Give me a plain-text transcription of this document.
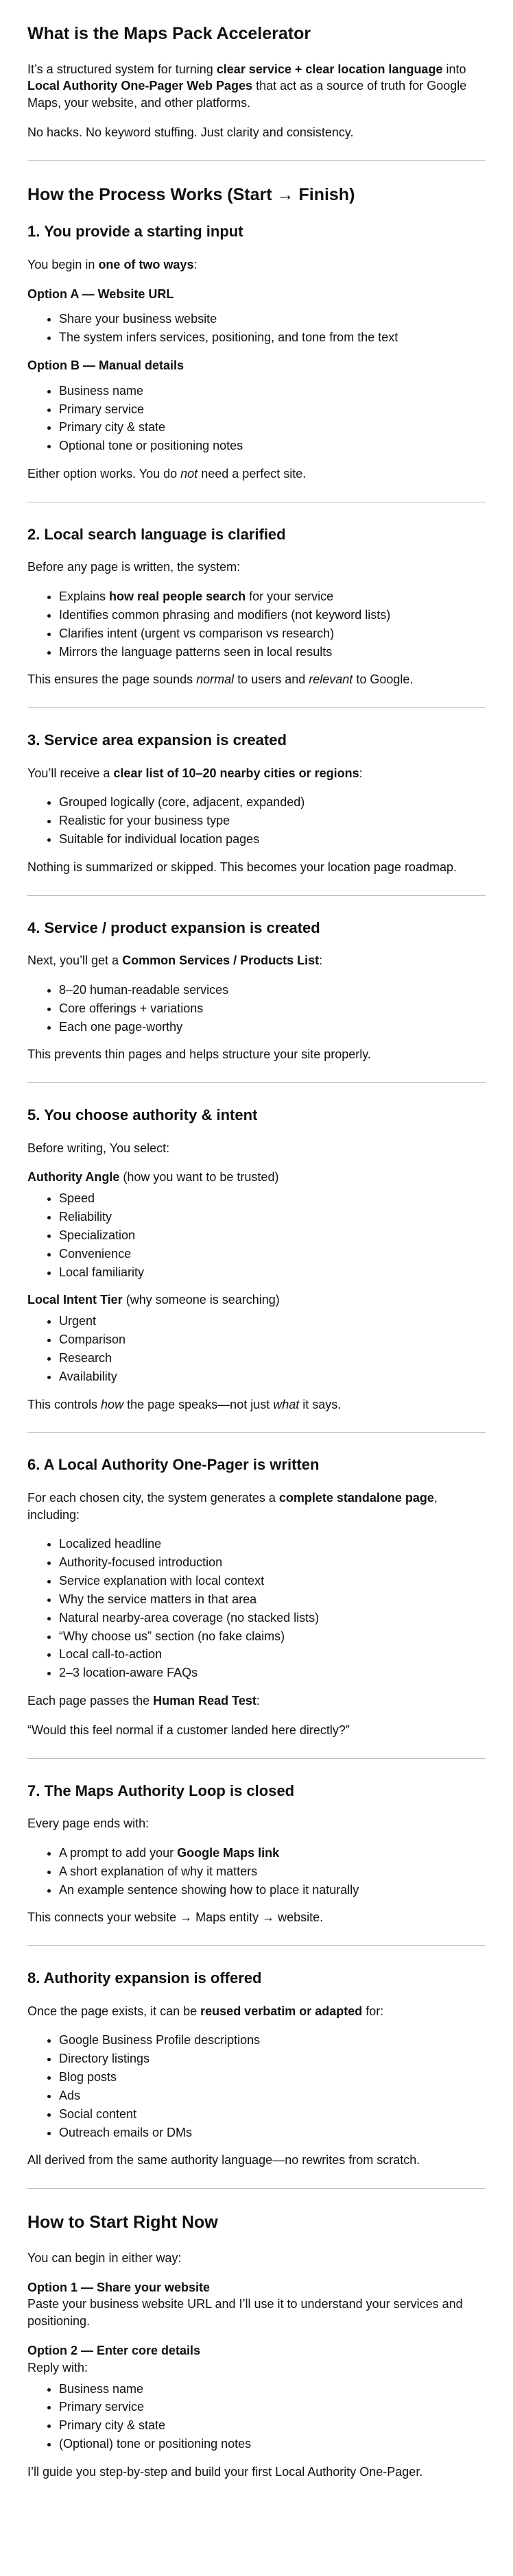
What is the Maps Pack Accelerator

It’s a structured system for turning clear service + clear location language into Local Authority One-Pager Web Pages that act as a source of truth for Google Maps, your website, and other platforms.

No hacks. No keyword stuffing. Just clarity and consistency.

How the Process Works (Start → Finish)
1. You provide a starting input

You begin in one of two ways:

Option A — Website URL

• Share your business website
• The system infers services, positioning, and tone from the text

Option B — Manual details

• Business name
• Primary service
• Primary city & state
• Optional tone or positioning notes

Either option works. You do not need a perfect site.

2. Local search language is clarified

Before any page is written, the system:

• Explains how real people search for your service
• Identifies common phrasing and modifiers (not keyword lists)
• Clarifies intent (urgent vs comparison vs research)
• Mirrors the language patterns seen in local results

This ensures the page sounds normal to users and relevant to Google.

3. Service area expansion is created

You’ll receive a clear list of 10–20 nearby cities or regions:

• Grouped logically (core, adjacent, expanded)
• Realistic for your business type
• Suitable for individual location pages

Nothing is summarized or skipped. This becomes your location page roadmap.

4. Service / product expansion is created

Next, you’ll get a Common Services / Products List:

• 8–20 human-readable services
• Core offerings + variations
• Each one page-worthy

This prevents thin pages and helps structure your site properly.

5. You choose authority & intent

Before writing, You select:

Authority Angle (how you want to be trusted)

• Speed
• Reliability
• Specialization
• Convenience
• Local familiarity

Local Intent Tier (why someone is searching)

• Urgent
• Comparison
• Research
• Availability

This controls how the page speaks—not just what it says.

6. A Local Authority One-Pager is written

For each chosen city, the system generates a complete standalone page, including:

• Localized headline
• Authority-focused introduction
• Service explanation with local context
• Why the service matters in that area
• Natural nearby-area coverage (no stacked lists)
• “Why choose us” section (no fake claims)
• Local call-to-action
• 2–3 location-aware FAQs

Each page passes the Human Read Test:

“Would this feel normal if a customer landed here directly?”

7. The Maps Authority Loop is closed

Every page ends with:

• A prompt to add your Google Maps link
• A short explanation of why it matters
• An example sentence showing how to place it naturally

This connects your website → Maps entity → website.

8. Authority expansion is offered

Once the page exists, it can be reused verbatim or adapted for:

• Google Business Profile descriptions
• Directory listings
• Blog posts
• Ads
• Social content
• Outreach emails or DMs

All derived from the same authority language—no rewrites from scratch.

How to Start Right Now

You can begin in either way:

Option 1 — Share your website

Paste your business website URL and I’ll use it to understand your services and positioning.

Option 2 — Enter core details

Reply with:

• Business name
• Primary service
• Primary city & state
• (Optional) tone or positioning notes

I’ll guide you step-by-step and build your first Local Authority One-Pager.
